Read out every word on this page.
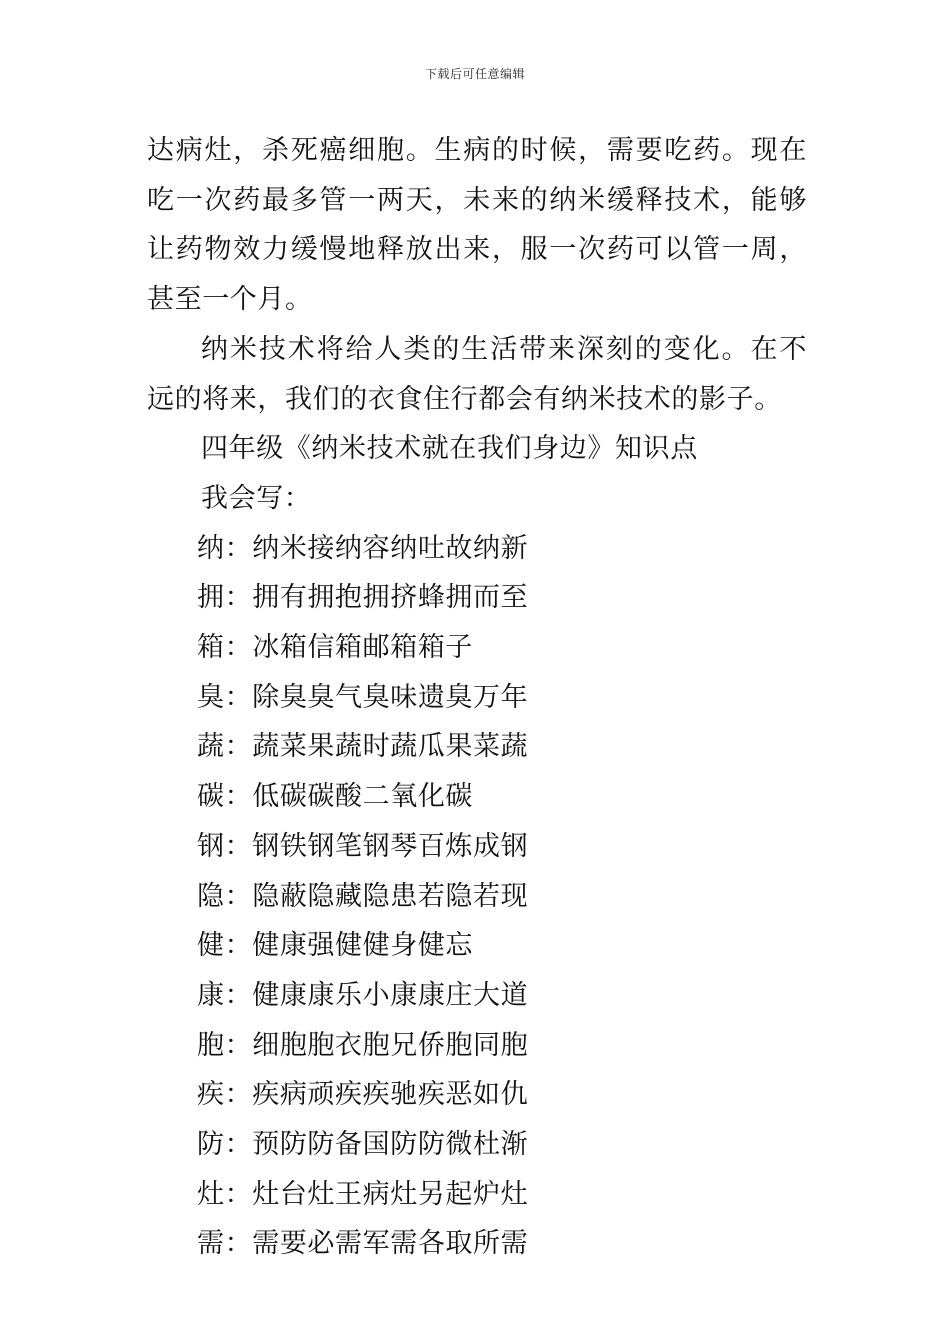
下载后可任意编辑

达病灶，杀死癌细胞。生病的时候，需要吃药。现在吃一次药最多管一两天，未来的纳米缓释技术，能够让药物效力缓慢地释放出来，服一次药可以管一周，甚至一个月。

纳米技术将给人类的生活带来深刻的变化。在不远的将来，我们的衣食住行都会有纳米技术的影子。

四年级《纳米技术就在我们身边》知识点

我会写：

纳：纳米接纳容纳吐故纳新
拥：拥有拥抱拥挤蜂拥而至
箱：冰箱信箱邮箱箱子
臭：除臭臭气臭味遗臭万年
蔬：蔬菜果蔬时蔬瓜果菜蔬
碳：低碳碳酸二氧化碳
钢：钢铁钢笔钢琴百炼成钢
隐：隐蔽隐藏隐患若隐若现
健：健康强健健身健忘
康：健康康乐小康康庄大道
胞：细胞胞衣胞兄侨胞同胞
疾：疾病顽疾疾驰疾恶如仇
防：预防防备国防防微杜渐
灶：灶台灶王病灶另起炉灶
需：需要必需军需各取所需
